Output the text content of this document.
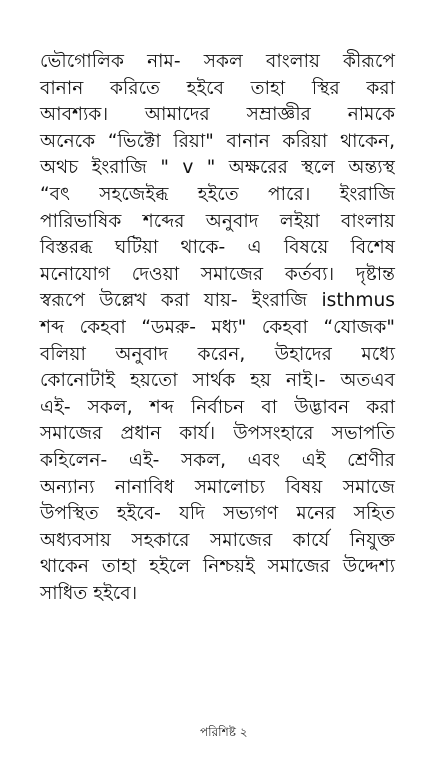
ভৌগোলিক নাম- সকল বাংলায় কীরূপে
বানান করিতে হইবে তাহা স্থির করা
আবশ্যক। আমাদের সম্রাজ্ঞীর নামকে
অনেকে “ভিক্টো রিয়া" বানান করিয়া থাকেন,
অথচ ইংরাজি " v " অক্ষরের স্থলে অন্ত্যস্থ
“বৎ সহজেইব্ধ হইতে পারে। ইংরাজি
পারিভাষিক শব্দের অনুবাদ লইয়া বাংলায়
বিস্তরব্ধ ঘটিয়া থাকে- এ বিষয়ে বিশেষ
মনোযোগ দেওয়া সমাজের কর্তব্য। দৃষ্টান্ত
স্বরূপে উল্লেখ করা যায়- ইংরাজি isthmus
শব্দ কেহবা “ডমরু- মধ্য" কেহবা “যোজক"
বলিয়া অনুবাদ করেন, উহাদের মধ্যে
কোনোটাই হয়তো সার্থক হয় নাই।- অতএব
এই- সকল, শব্দ নির্বাচন বা উদ্ভাবন করা
সমাজের প্রধান কার্য। উপসংহারে সভাপতি
কহিলেন- এই- সকল, এবং এই শ্রেণীর
অন্যান্য নানাবিধ সমালোচ্য বিষয় সমাজে
উপস্থিত হইবে- যদি সভ্যগণ মনের সহিত
অধ্যবসায় সহকারে সমাজের কার্যে নিযুক্ত
থাকেন তাহা হইলে নিশ্চয়ই সমাজের উদ্দেশ্য
সাধিত হইবে।
পরিশিষ্ট ২
